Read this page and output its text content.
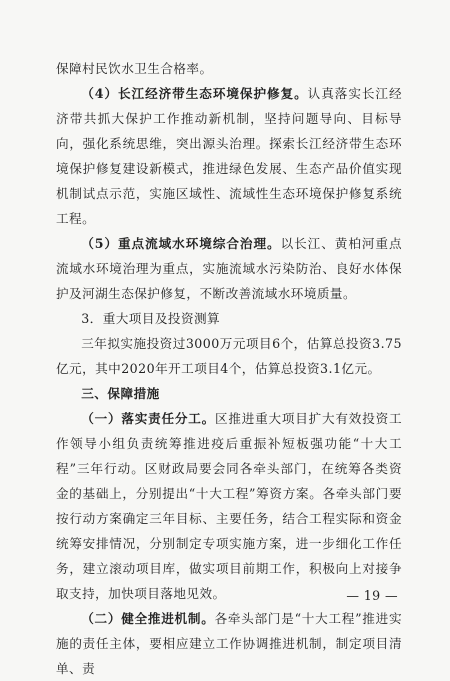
保障村民饮水卫生合格率。

（4）长江经济带生态环境保护修复。认真落实长江经济带共抓大保护工作推动新机制，坚持问题导向、目标导向，强化系统思维，突出源头治理。探索长江经济带生态环境保护修复建设新模式，推进绿色发展、生态产品价值实现机制试点示范，实施区域性、流域性生态环境保护修复系统工程。

（5）重点流域水环境综合治理。以长江、黄柏河重点流域水环境治理为重点，实施流域水污染防治、良好水体保护及河湖生态保护修复，不断改善流域水环境质量。

3．重大项目及投资测算

三年拟实施投资过3000万元项目6个，估算总投资3.75亿元，其中2020年开工项目4个，估算总投资3.1亿元。

三、保障措施

（一）落实责任分工。区推进重大项目扩大有效投资工作领导小组负责统筹推进疫后重振补短板强功能“十大工程”三年行动。区财政局要会同各牵头部门，在统筹各类资金的基础上，分别提出“十大工程”筹资方案。各牵头部门要按行动方案确定三年目标、主要任务，结合工程实际和资金统筹安排情况，分别制定专项实施方案，进一步细化工作任务，建立滚动项目库，做实项目前期工作，积极向上对接争取支持，加快项目落地见效。

（二）健全推进机制。各牵头部门是“十大工程”推进实施的责任主体，要相应建立工作协调推进机制，制定项目清单、责

— 19 —
